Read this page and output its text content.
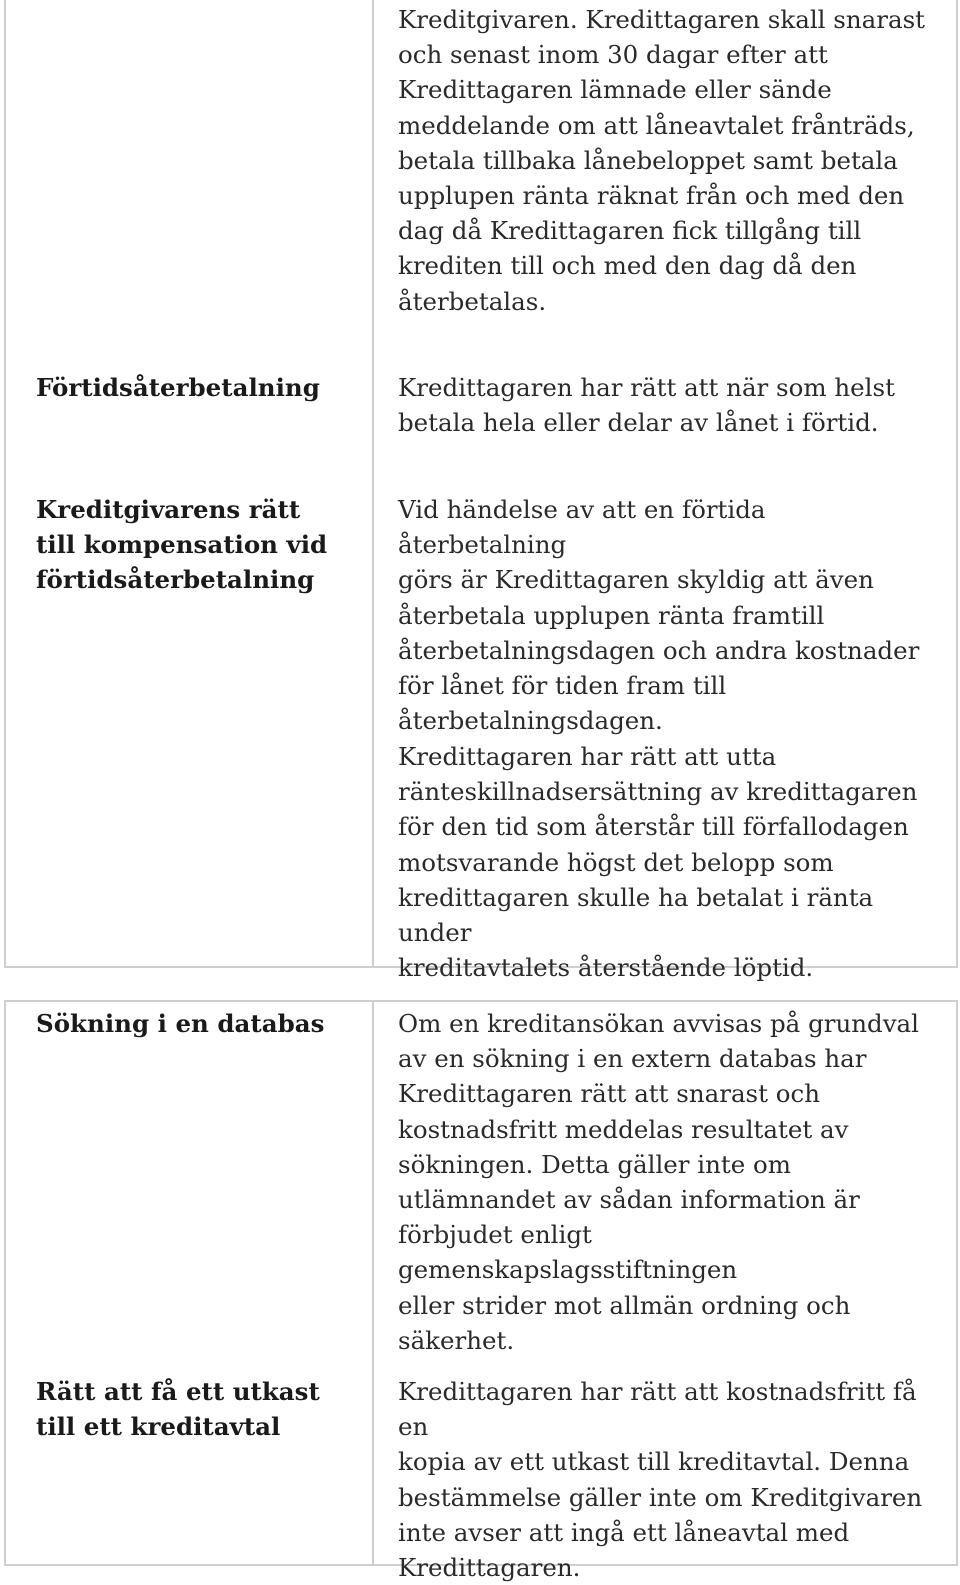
Kreditgivaren. Kredittagaren skall snarast
och senast inom 30 dagar efter att
Kredittagaren lämnade eller sände
meddelande om att låneavtalet frånträds,
betala tillbaka lånebeloppet samt betala
upplupen ränta räknat från och med den
dag då Kredittagaren fick tillgång till
krediten till och med den dag då den
återbetalas.
Förtidsåterbetalning	Kredittagaren har rätt att när som helst
betala hela eller delar av lånet i förtid.
Kreditgivarens rätt
till kompensation vid
förtidsåterbetalning
Vid händelse av att en förtida återbetalning
görs är Kredittagaren skyldig att även
återbetala upplupen ränta framtill
återbetalningsdagen och andra kostnader
för lånet för tiden fram till
återbetalningsdagen.
Kredittagaren har rätt att utta
ränteskillnadsersättning av kredittagaren
för den tid som återstår till förfallodagen
motsvarande högst det belopp som
kredittagaren skulle ha betalat i ränta under
kreditavtalets återstående löptid.
Sökning i en databas	Om en kreditansökan avvisas på grundval
av en sökning i en extern databas har
Kredittagaren rätt att snarast och
kostnadsfritt meddelas resultatet av
sökningen. Detta gäller inte om
utlämnandet av sådan information är
förbjudet enligt gemenskapslagsstiftningen
eller strider mot allmän ordning och
säkerhet.
Rätt att få ett utkast
till ett kreditavtal
Kredittagaren har rätt att kostnadsfritt få en
kopia av ett utkast till kreditavtal. Denna
bestämmelse gäller inte om Kreditgivaren
inte avser att ingå ett låneavtal med
Kredittagaren.
